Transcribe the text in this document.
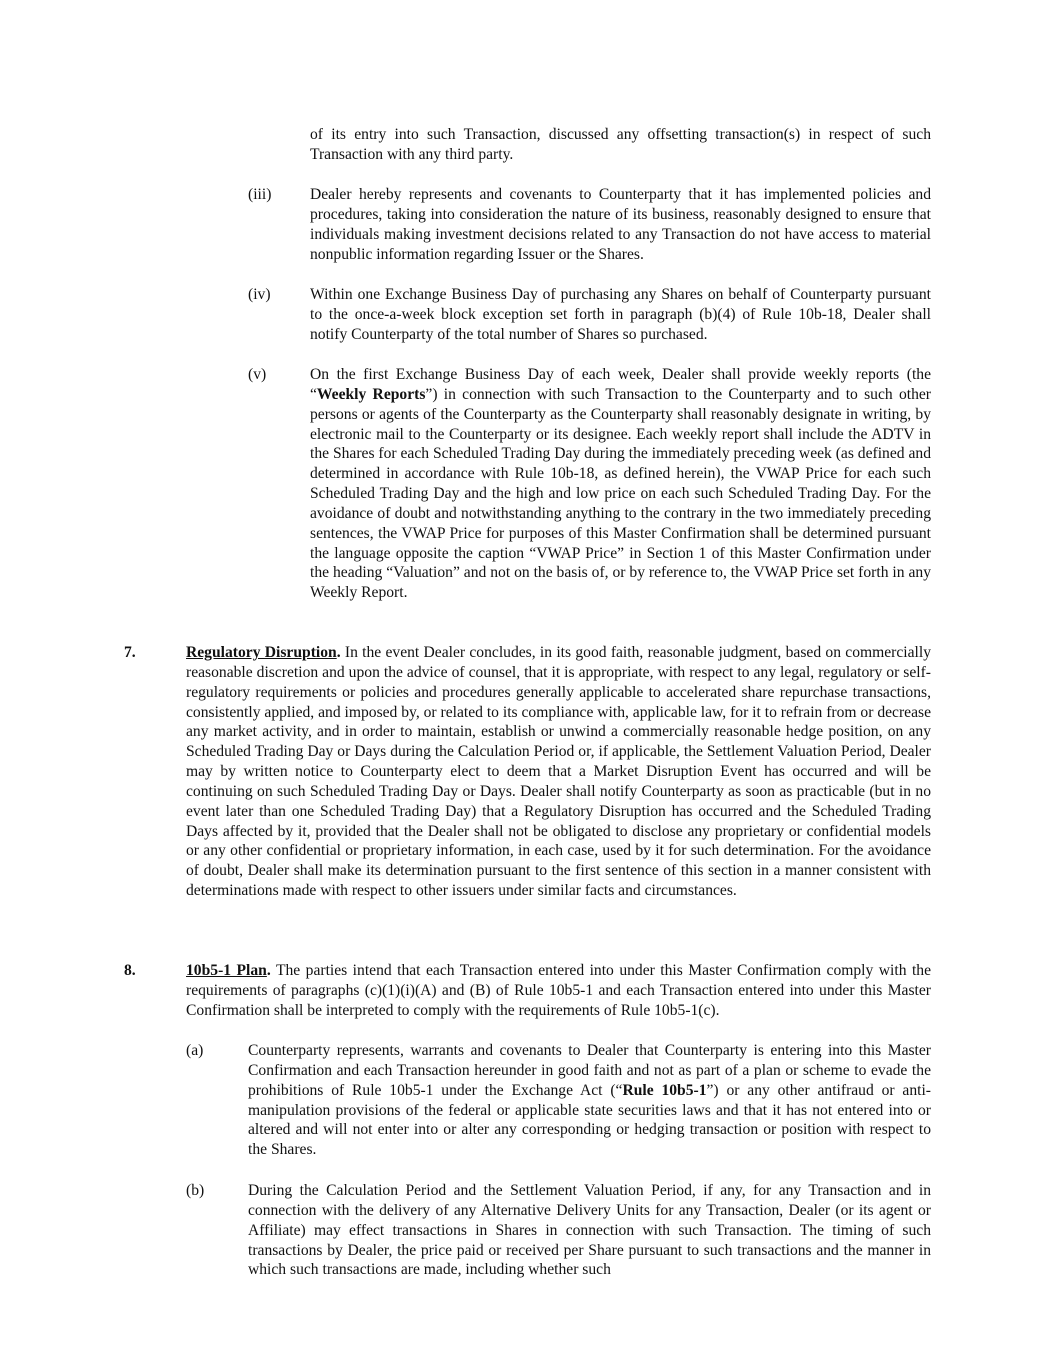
of its entry into such Transaction, discussed any offsetting transaction(s) in respect of such Transaction with any third party.
(iii)	Dealer hereby represents and covenants to Counterparty that it has implemented policies and procedures, taking into consideration the nature of its business, reasonably designed to ensure that individuals making investment decisions related to any Transaction do not have access to material nonpublic information regarding Issuer or the Shares.
(iv)	Within one Exchange Business Day of purchasing any Shares on behalf of Counterparty pursuant to the once-a-week block exception set forth in paragraph (b)(4) of Rule 10b-18, Dealer shall notify Counterparty of the total number of Shares so purchased.
(v)	On the first Exchange Business Day of each week, Dealer shall provide weekly reports (the “Weekly Reports”) in connection with such Transaction to the Counterparty and to such other persons or agents of the Counterparty as the Counterparty shall reasonably designate in writing, by electronic mail to the Counterparty or its designee. Each weekly report shall include the ADTV in the Shares for each Scheduled Trading Day during the immediately preceding week (as defined and determined in accordance with Rule 10b-18, as defined herein), the VWAP Price for each such Scheduled Trading Day and the high and low price on each such Scheduled Trading Day. For the avoidance of doubt and notwithstanding anything to the contrary in the two immediately preceding sentences, the VWAP Price for purposes of this Master Confirmation shall be determined pursuant the language opposite the caption “VWAP Price” in Section 1 of this Master Confirmation under the heading “Valuation” and not on the basis of, or by reference to, the VWAP Price set forth in any Weekly Report.
7.	Regulatory Disruption. In the event Dealer concludes, in its good faith, reasonable judgment, based on commercially reasonable discretion and upon the advice of counsel, that it is appropriate, with respect to any legal, regulatory or self-regulatory requirements or policies and procedures generally applicable to accelerated share repurchase transactions, consistently applied, and imposed by, or related to its compliance with, applicable law, for it to refrain from or decrease any market activity, and in order to maintain, establish or unwind a commercially reasonable hedge position, on any Scheduled Trading Day or Days during the Calculation Period or, if applicable, the Settlement Valuation Period, Dealer may by written notice to Counterparty elect to deem that a Market Disruption Event has occurred and will be continuing on such Scheduled Trading Day or Days. Dealer shall notify Counterparty as soon as practicable (but in no event later than one Scheduled Trading Day) that a Regulatory Disruption has occurred and the Scheduled Trading Days affected by it, provided that the Dealer shall not be obligated to disclose any proprietary or confidential models or any other confidential or proprietary information, in each case, used by it for such determination. For the avoidance of doubt, Dealer shall make its determination pursuant to the first sentence of this section in a manner consistent with determinations made with respect to other issuers under similar facts and circumstances.
8.	10b5-1 Plan. The parties intend that each Transaction entered into under this Master Confirmation comply with the requirements of paragraphs (c)(1)(i)(A) and (B) of Rule 10b5-1 and each Transaction entered into under this Master Confirmation shall be interpreted to comply with the requirements of Rule 10b5-1(c).
(a)	Counterparty represents, warrants and covenants to Dealer that Counterparty is entering into this Master Confirmation and each Transaction hereunder in good faith and not as part of a plan or scheme to evade the prohibitions of Rule 10b5-1 under the Exchange Act (“Rule 10b5-1”) or any other antifraud or anti-manipulation provisions of the federal or applicable state securities laws and that it has not entered into or altered and will not enter into or alter any corresponding or hedging transaction or position with respect to the Shares.
(b)	During the Calculation Period and the Settlement Valuation Period, if any, for any Transaction and in connection with the delivery of any Alternative Delivery Units for any Transaction, Dealer (or its agent or Affiliate) may effect transactions in Shares in connection with such Transaction. The timing of such transactions by Dealer, the price paid or received per Share pursuant to such transactions and the manner in which such transactions are made, including whether such
